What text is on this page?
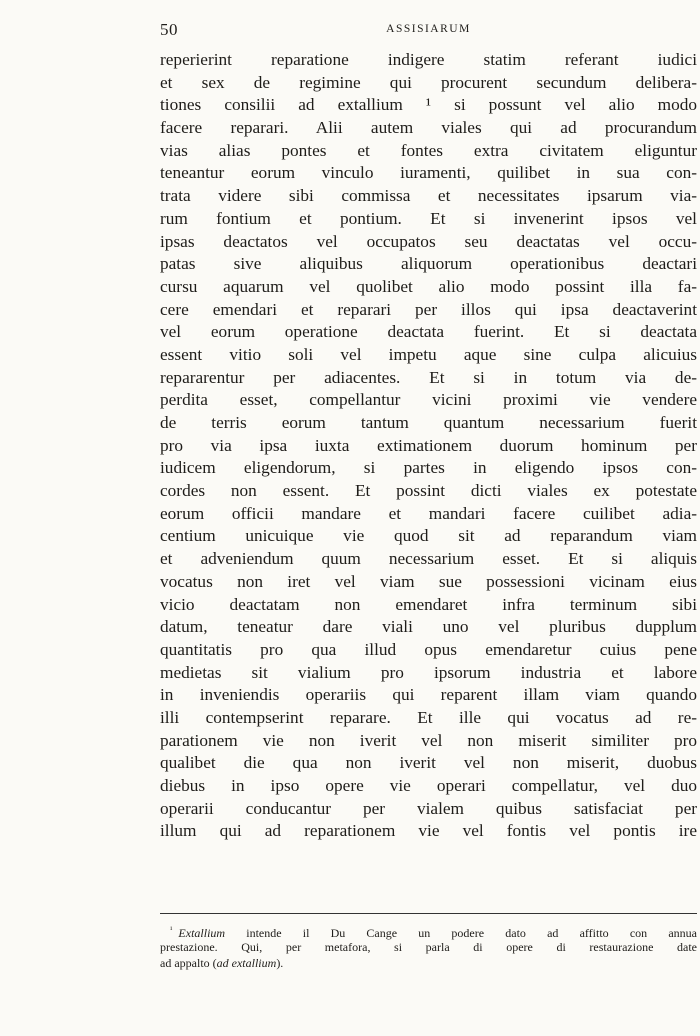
50	ASSISIARUM
reperierint reparatione indigere statim referant iudici
et sex de regimine qui procurent secundum delibera-
tiones consilii ad extallium ¹ si possunt vel alio modo
facere reparari. Alii autem viales qui ad procurandum
vias alias pontes et fontes extra civitatem eliguntur
teneantur eorum vinculo iuramenti, quilibet in sua con-
trata videre sibi commissa et necessitates ipsarum via-
rum fontium et pontium. Et si invenerint ipsos vel
ipsas deactatos vel occupatos seu deactatas vel occu-
patas sive aliquibus aliquorum operationibus deactari
cursu aquarum vel quolibet alio modo possint illa fa-
cere emendari et reparari per illos qui ipsa deactaverint
vel eorum operatione deactata fuerint. Et si deactata
essent vitio soli vel impetu aque sine culpa alicuius
repararentur per adiacentes. Et si in totum via de-
perdita esset, compellantur vicini proximi vie vendere
de terris eorum tantum quantum necessarium fuerit
pro via ipsa iuxta extimationem duorum hominum per
iudicem eligendorum, si partes in eligendo ipsos con-
cordes non essent. Et possint dicti viales ex potestate
eorum officii mandare et mandari facere cuilibet adia-
centium unicuique vie quod sit ad reparandum viam
et adveniendum quum necessarium esset. Et si aliquis
vocatus non iret vel viam sue possessioni vicinam eius
vicio deactatam non emendaret infra terminum sibi
datum, teneatur dare viali uno vel pluribus dupplum
quantitatis pro qua illud opus emendaretur cuius pene
medietas sit vialium pro ipsorum industria et labore
in inveniendis operariis qui reparent illam viam quando
illi contempserint reparare. Et ille qui vocatus ad re-
parationem vie non iverit vel non miserit similiter pro
qualibet die qua non iverit vel non miserit, duobus
diebus in ipso opere vie operari compellatur, vel duo
operarii conducantur per vialem quibus satisfaciat per
illum qui ad reparationem vie vel fontis vel pontis ire
$^{^1}$ Extallium intende il Du Cange un podere dato ad affitto con annua
prestazione. Qui, per metafora, si parla di opere di restaurazione date
ad appalto (ad extallium).
